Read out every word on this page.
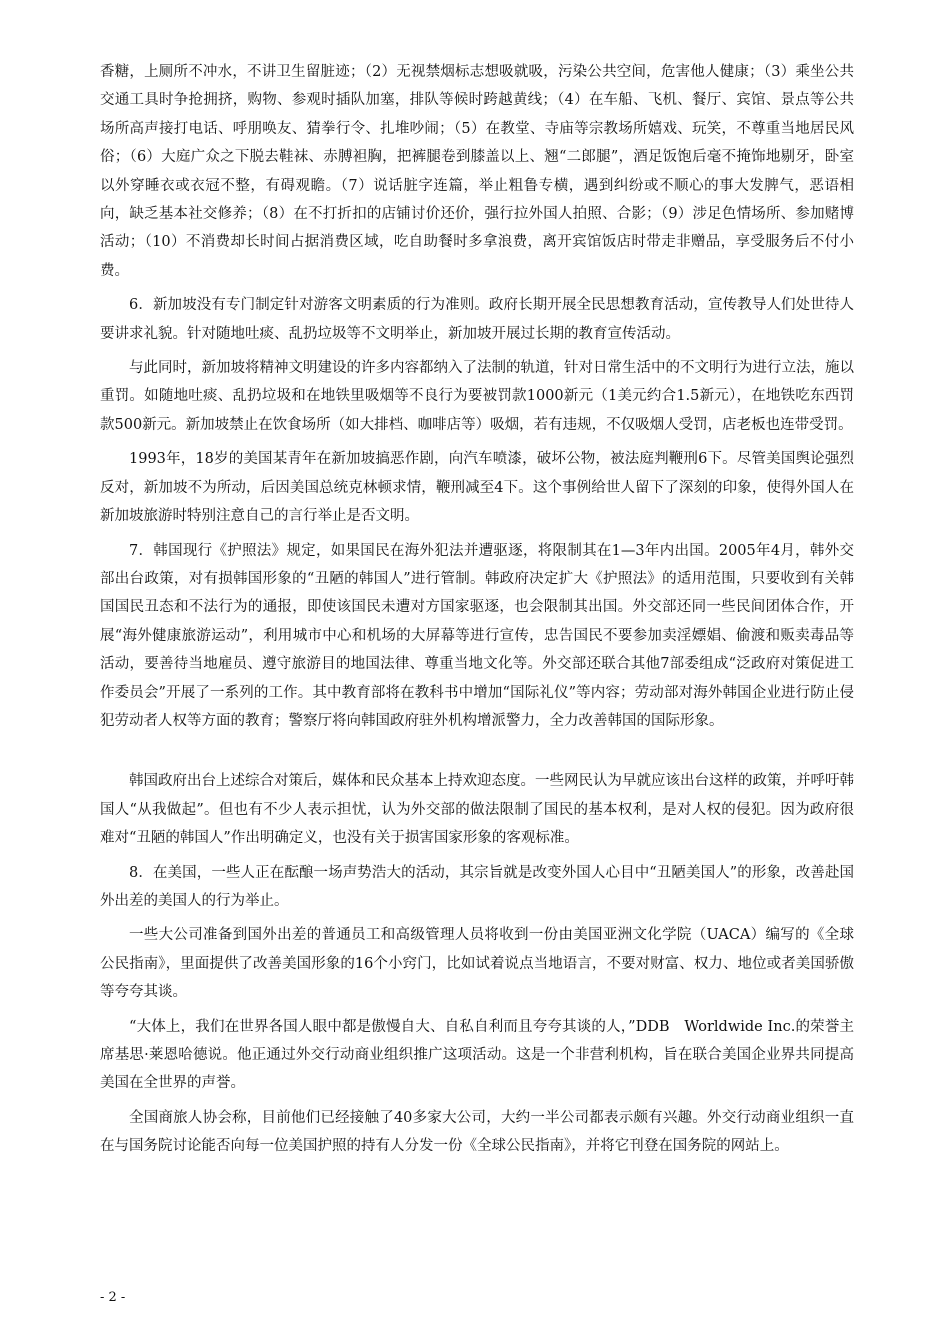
香糖，上厕所不冲水，不讲卫生留脏迹；（2）无视禁烟标志想吸就吸，污染公共空间，危害他人健康；（3）乘坐公共交通工具时争抢拥挤，购物、参观时插队加塞，排队等候时跨越黄线；（4）在车船、飞机、餐厅、宾馆、景点等公共场所高声接打电话、呼朋唤友、猜拳行令、扎堆吵闹；（5）在教堂、寺庙等宗教场所嬉戏、玩笑，不尊重当地居民风俗；（6）大庭广众之下脱去鞋袜、赤膊袒胸，把裤腿卷到膝盖以上、翘“二郎腿”，酒足饭饱后毫不掩饰地剔牙，卧室以外穿睡衣或衣冠不整，有碍观瞻。（7）说话脏字连篇，举止粗鲁专横，遇到纠纷或不顺心的事大发脾气，恶语相向，缺乏基本社交修养；（8）在不打折扣的店铺讨价还价，强行拉外国人拍照、合影；（9）涉足色情场所、参加赌博活动；（10）不消费却长时间占据消费区域，吃自助餐时多拿浪费，离开宾馆饭店时带走非赠品，享受服务后不付小费。

6．新加坡没有专门制定针对游客文明素质的行为准则。政府长期开展全民思想教育活动，宣传教导人们处世待人要讲求礼貌。针对随地吐痰、乱扔垃圾等不文明举止，新加坡开展过长期的教育宣传活动。

与此同时，新加坡将精神文明建设的许多内容都纳入了法制的轨道，针对日常生活中的不文明行为进行立法，施以重罚。如随地吐痰、乱扔垃圾和在地铁里吸烟等不良行为要被罚款1000新元（1美元约合1.5新元），在地铁吃东西罚款500新元。新加坡禁止在饮食场所（如大排档、咖啡店等）吸烟，若有违规，不仅吸烟人受罚，店老板也连带受罚。

1993年，18岁的美国某青年在新加坡搞恶作剧，向汽车喷漆，破坏公物，被法庭判鞭刑6下。尽管美国舆论强烈反对，新加坡不为所动，后因美国总统克林顿求情，鞭刑减至4下。这个事例给世人留下了深刻的印象，使得外国人在新加坡旅游时特别注意自己的言行举止是否文明。

7．韩国现行《护照法》规定，如果国民在海外犯法并遭驱逐，将限制其在1—3年内出国。2005年4月，韩外交部出台政策，对有损韩国形象的“丑陋的韩国人”进行管制。韩政府决定扩大《护照法》的适用范围，只要收到有关韩国国民丑态和不法行为的通报，即使该国民未遭对方国家驱逐，也会限制其出国。外交部还同一些民间团体合作，开展“海外健康旅游运动”，利用城市中心和机场的大屏幕等进行宣传，忠告国民不要参加卖淫嫖娼、偷渡和贩卖毒品等活动，要善待当地雇员、遵守旅游目的地国法律、尊重当地文化等。外交部还联合其他7部委组成“泛政府对策促进工作委员会”开展了一系列的工作。其中教育部将在教科书中增加“国际礼仪”等内容；劳动部对海外韩国企业进行防止侵犯劳动者人权等方面的教育；警察厅将向韩国政府驻外机构增派警力，全力改善韩国的国际形象。

韩国政府出台上述综合对策后，媒体和民众基本上持欢迎态度。一些网民认为早就应该出台这样的政策，并呼吁韩国人“从我做起”。但也有不少人表示担忧，认为外交部的做法限制了国民的基本权利，是对人权的侵犯。因为政府很难对“丑陋的韩国人”作出明确定义，也没有关于损害国家形象的客观标准。

8．在美国，一些人正在酝酿一场声势浩大的活动，其宗旨就是改变外国人心目中“丑陋美国人”的形象，改善赴国外出差的美国人的行为举止。

一些大公司准备到国外出差的普通员工和高级管理人员将收到一份由美国亚洲文化学院（UACA）编写的《全球公民指南》，里面提供了改善美国形象的16个小窍门，比如试着说点当地语言，不要对财富、权力、地位或者美国骄傲等夸夸其谈。

“大体上，我们在世界各国人眼中都是傲慢自大、自私自利而且夸夸其谈的人，”DDB　Worldwide Inc.的荣誉主席基思·莱恩哈德说。他正通过外交行动商业组织推广这项活动。这是一个非营利机构，旨在联合美国企业界共同提高美国在全世界的声誉。

全国商旅人协会称，目前他们已经接触了40多家大公司，大约一半公司都表示颇有兴趣。外交行动商业组织一直在与国务院讨论能否向每一位美国护照的持有人分发一份《全球公民指南》，并将它刊登在国务院的网站上。

- 2 -
